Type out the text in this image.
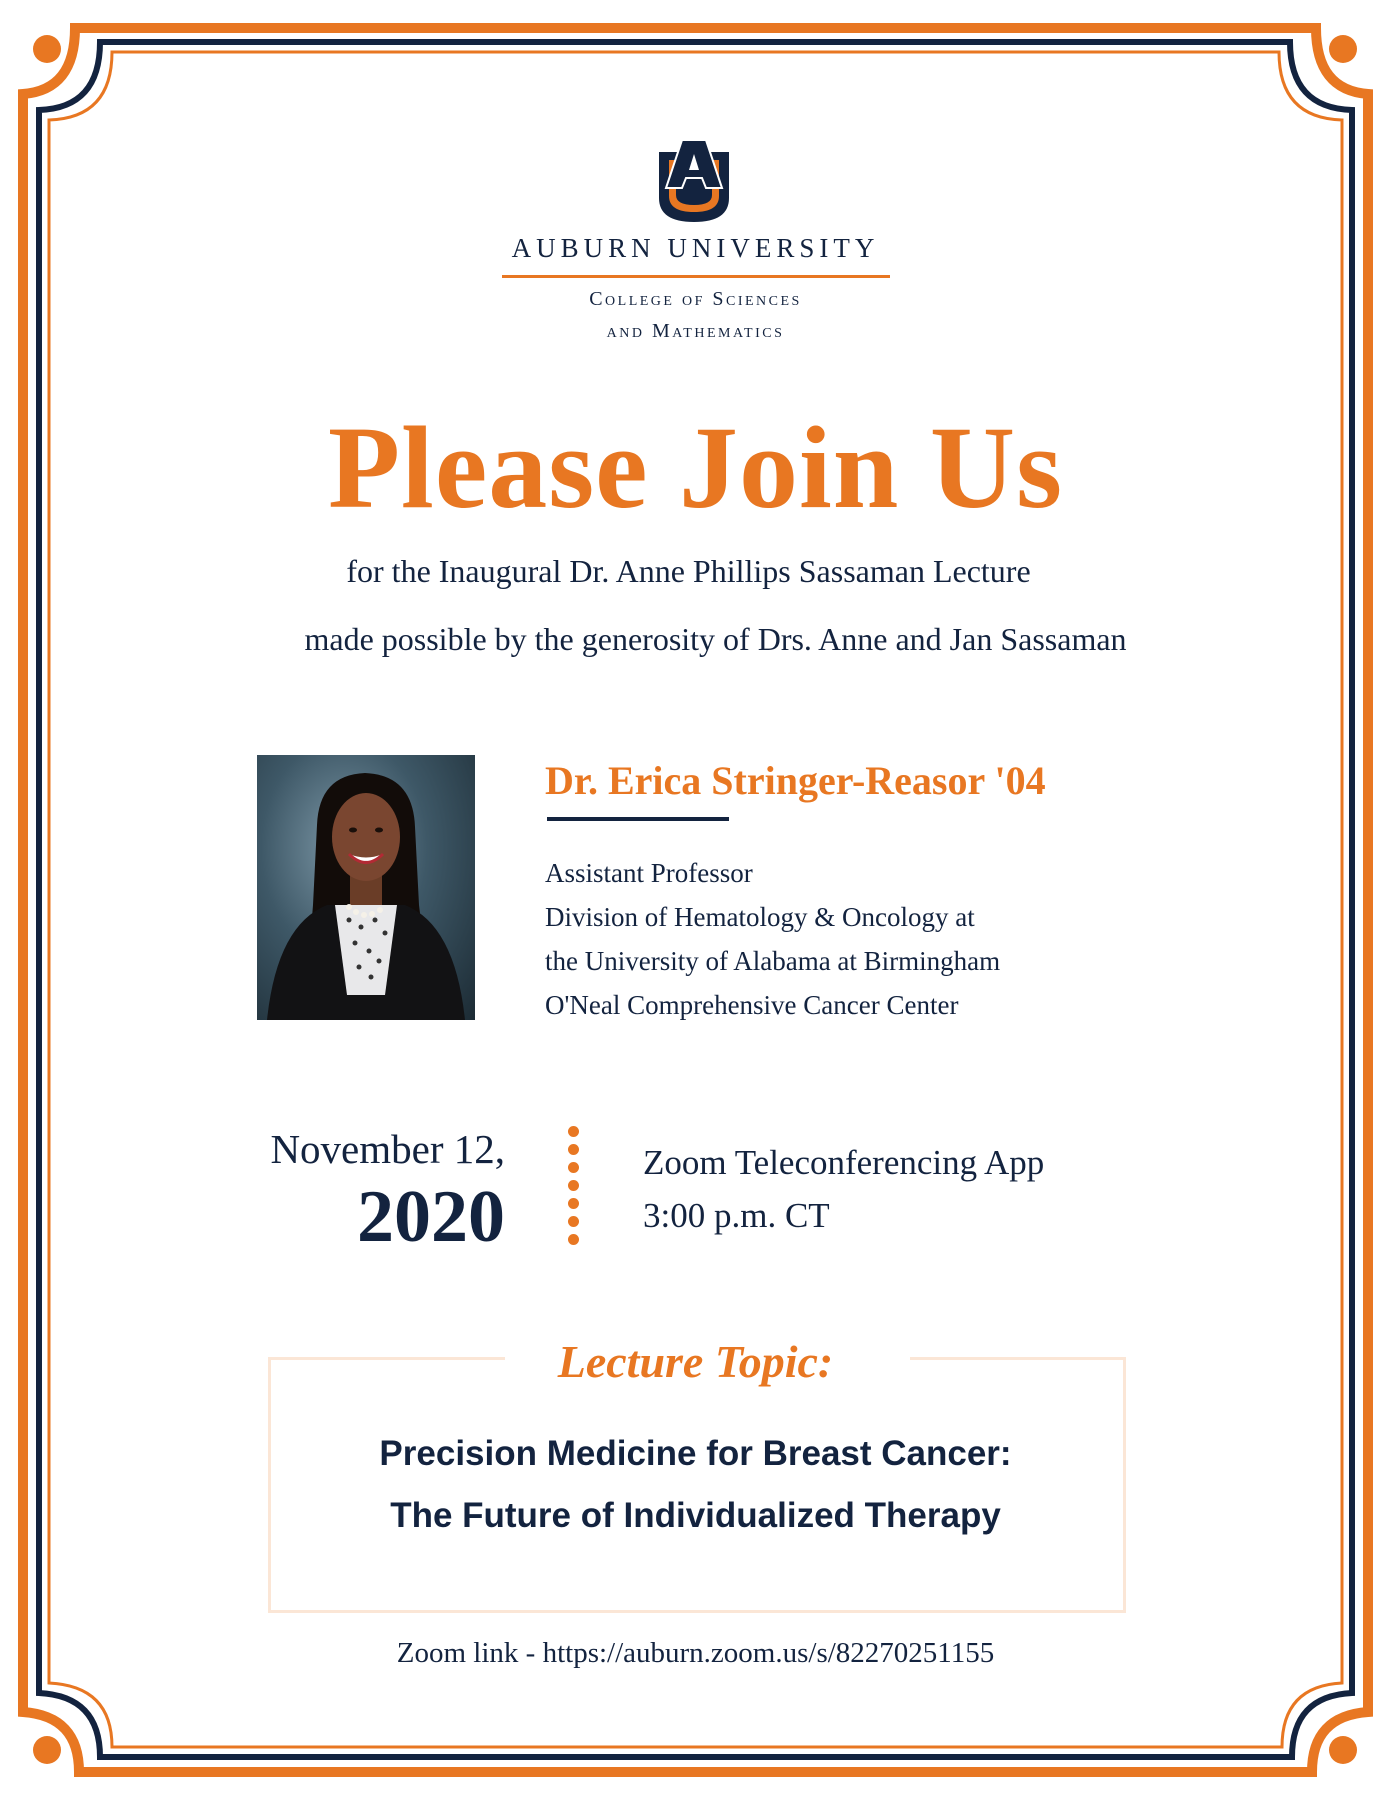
AUBURN UNIVERSITY
College of Sciences
and Mathematics
Please Join Us
for the Inaugural Dr. Anne Phillips Sassaman Lecture
made possible by the generosity of Drs. Anne and Jan Sassaman
Dr. Erica Stringer-Reasor '04
Assistant Professor
Division of Hematology & Oncology at
the University of Alabama at Birmingham
O'Neal Comprehensive Cancer Center
November 12,
2020
Zoom Teleconferencing App
3:00 p.m. CT
Lecture Topic:
Precision Medicine for Breast Cancer:
The Future of Individualized Therapy
Zoom link - https://auburn.zoom.us/s/82270251155
